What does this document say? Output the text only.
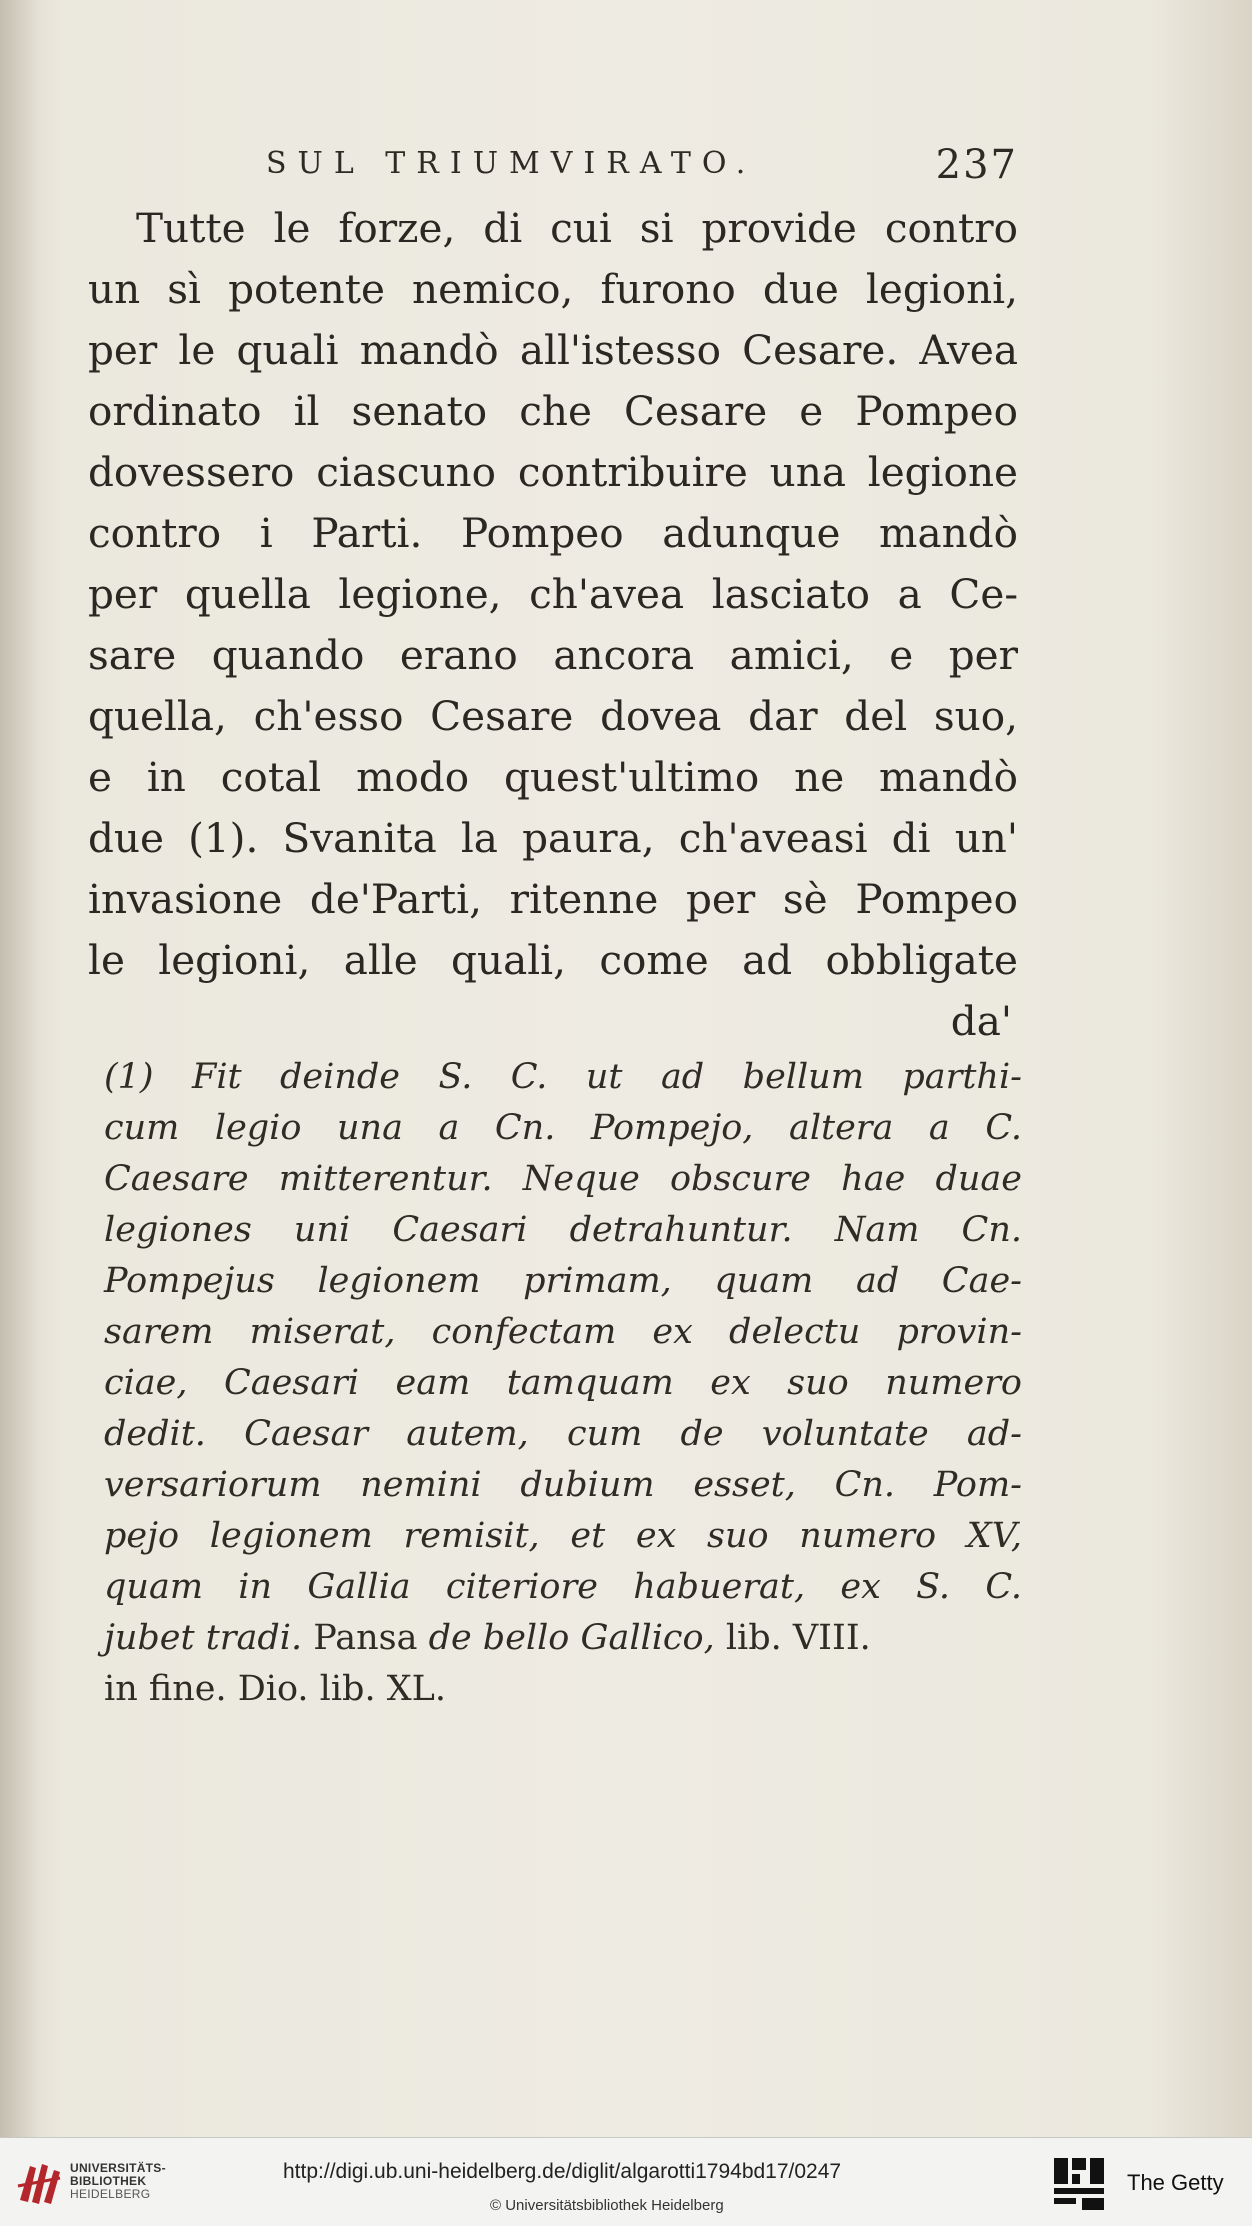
SUL TRIUMVIRATO.	237
Tutte le forze, di cui si provide contro
un sì potente nemico, furono due legioni,
per le quali mandò all'istesso Cesare. Avea
ordinato il senato che Cesare e Pompeo
dovessero ciascuno contribuire una legione
contro i Parti. Pompeo adunque mandò
per quella legione, ch'avea lasciato a Ce-
sare quando erano ancora amici, e per
quella, ch'esso Cesare dovea dar del suo,
e in cotal modo quest'ultimo ne mandò
due (1). Svanita la paura, ch'aveasi di un'
invasione de'Parti, ritenne per sè Pompeo
le legioni, alle quali, come ad obbligate
da'
(1) Fit deinde S. C. ut ad bellum parthi-
cum legio una a Cn. Pompejo, altera a C.
Caesare mitterentur. Neque obscure hae duae
legiones uni Caesari detrahuntur. Nam Cn.
Pompejus legionem primam, quam ad Cae-
sarem miserat, confectam ex delectu provin-
ciae, Caesari eam tamquam ex suo numero
dedit. Caesar autem, cum de voluntate ad-
versariorum nemini dubium esset, Cn. Pom-
pejo legionem remisit, et ex suo numero XV,
quam in Gallia citeriore habuerat, ex S. C.
jubet tradi. Pansa de bello Gallico, lib. VIII.
in fine. Dio. lib. XL.
UNIVERSITÄTS-
BIBLIOTHEK
HEIDELBERG
http://digi.ub.uni-heidelberg.de/diglit/algarotti1794bd17/0247
© Universitätsbibliothek Heidelberg
The Getty
